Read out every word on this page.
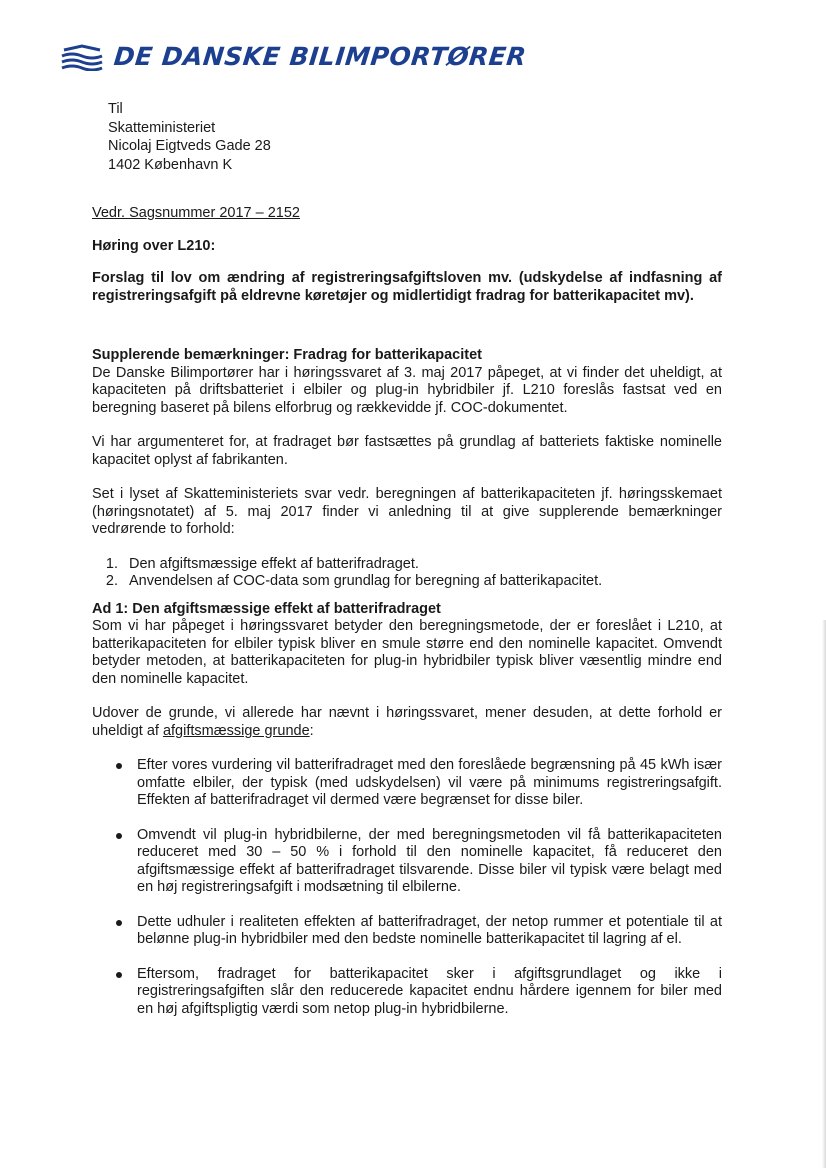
DE DANSKE BILIMPORTØRER
Til
Skatteministeriet
Nicolaj Eigtveds Gade 28
1402 København K
Vedr. Sagsnummer 2017 – 2152
Høring over L210:
Forslag til lov om ændring af registreringsafgiftsloven mv. (udskydelse af indfasning af registreringsafgift på eldrevne køretøjer og midlertidigt fradrag for batterikapacitet mv).
Supplerende bemærkninger: Fradrag for batterikapacitet

De Danske Bilimportører har i høringssvaret af 3. maj 2017 påpeget, at vi finder det uheldigt, at kapaciteten på driftsbatteriet i elbiler og plug-in hybridbiler jf. L210 foreslås fastsat ved en beregning baseret på bilens elforbrug og rækkevidde jf. COC-dokumentet.

Vi har argumenteret for, at fradraget bør fastsættes på grundlag af batteriets faktiske nominelle kapacitet oplyst af fabrikanten.

Set i lyset af Skatteministeriets svar vedr. beregningen af batterikapaciteten jf. høringsskemaet (høringsnotatet) af 5. maj 2017 finder vi anledning til at give supplerende bemærkninger vedrørende to forhold:

1. Den afgiftsmæssige effekt af batterifradraget.
2. Anvendelsen af COC-data som grundlag for beregning af batterikapacitet.
Ad 1: Den afgiftsmæssige effekt af batterifradraget

Som vi har påpeget i høringssvaret betyder den beregningsmetode, der er foreslået i L210, at batterikapaciteten for elbiler typisk bliver en smule større end den nominelle kapacitet. Omvendt betyder metoden, at batterikapaciteten for plug-in hybridbiler typisk bliver væsentlig mindre end den nominelle kapacitet.

Udover de grunde, vi allerede har nævnt i høringssvaret, mener desuden, at dette forhold er uheldigt af afgiftsmæssige grunde:

Efter vores vurdering vil batterifradraget med den foreslåede begrænsning på 45 kWh især omfatte elbiler, der typisk (med udskydelsen) vil være på minimums registreringsafgift. Effekten af batterifradraget vil dermed være begrænset for disse biler.
Omvendt vil plug-in hybridbilerne, der med beregningsmetoden vil få batterikapaciteten reduceret med 30 – 50 % i forhold til den nominelle kapacitet, få reduceret den afgiftsmæssige effekt af batterifradraget tilsvarende. Disse biler vil typisk være belagt med en høj registreringsafgift i modsætning til elbilerne.
Dette udhuler i realiteten effekten af batterifradraget, der netop rummer et potentiale til at belønne plug-in hybridbiler med den bedste nominelle batterikapacitet til lagring af el.
Eftersom, fradraget for batterikapacitet sker i afgiftsgrundlaget og ikke i registreringsafgiften slår den reducerede kapacitet endnu hårdere igennem for biler med en høj afgiftspligtig værdi som netop plug-in hybridbilerne.
